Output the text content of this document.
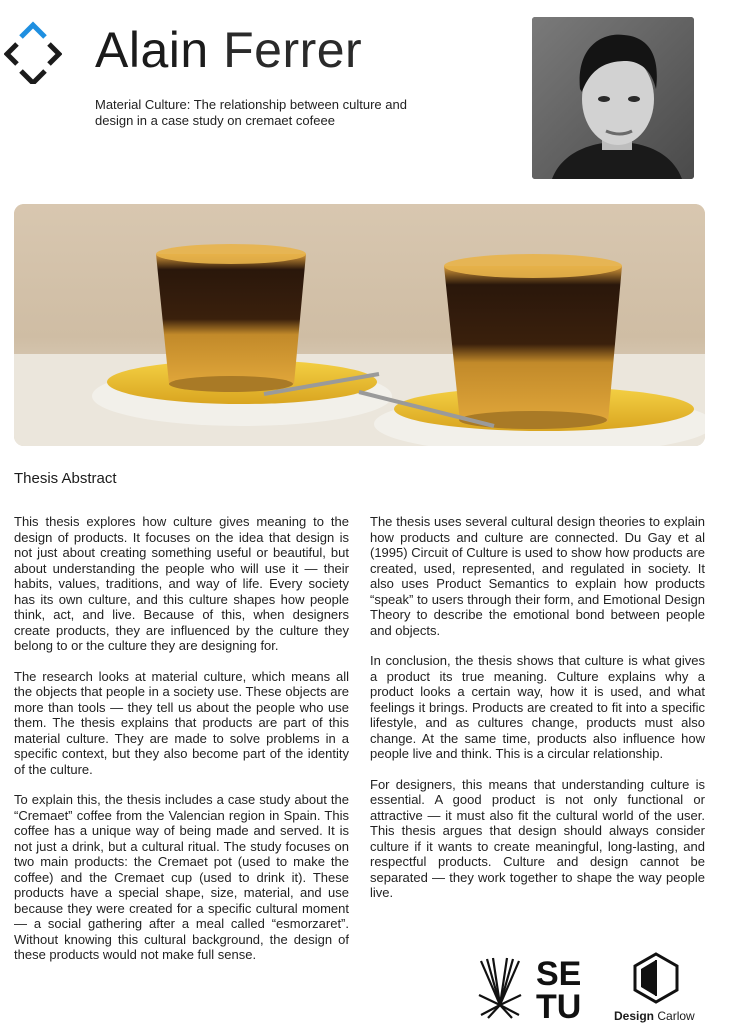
Alain Ferrer
Material Culture: The relationship between culture and design in a case study on cremaet cofeee
Thesis Abstract

This thesis explores how culture gives meaning to the design of products. It focuses on the idea that design is not just about creating something useful or beautiful, but about understanding the people who will use it — their habits, values, traditions, and way of life. Every society has its own culture, and this culture shapes how people think, act, and live. Because of this, when designers create products, they are influenced by the culture they belong to or the culture they are designing for.

The research looks at material culture, which means all the objects that people in a society use. These objects are more than tools — they tell us about the people who use them. The thesis explains that products are part of this material culture. They are made to solve problems in a specific context, but they also become part of the identity of the culture.

To explain this, the thesis includes a case study about the “Cremaet” coffee from the Valencian region in Spain. This coffee has a unique way of being made and served. It is not just a drink, but a cultural ritual. The study focuses on two main products: the Cremaet pot (used to make the coffee) and the Cremaet cup (used to drink it). These products have a special shape, size, material, and use because they were created for a specific cultural moment — a social gathering after a meal called “esmorzaret”. Without knowing this cultural background, the design of these products would not make full sense.

The thesis uses several cultural design theories to explain how products and culture are connected. Du Gay et al (1995) Circuit of Culture is used to show how products are created, used, represented, and regulated in society. It also uses Product Semantics to explain how products “speak” to users through their form, and Emotional Design Theory to describe the emotional bond between people and objects.

In conclusion, the thesis shows that culture is what gives a product its true meaning. Culture explains why a product looks a certain way, how it is used, and what feelings it brings. Products are created to fit into a specific lifestyle, and as cultures change, products must also change. At the same time, products also influence how people live and think. This is a circular relationship.

For designers, this means that understanding culture is essential. A good product is not only functional or attractive — it must also fit the cultural world of the user. This thesis argues that design should always consider culture if it wants to create meaningful, long-lasting, and respectful products. Culture and design cannot be separated — they work together to shape the way people live.

SE
TU	Design Carlow
